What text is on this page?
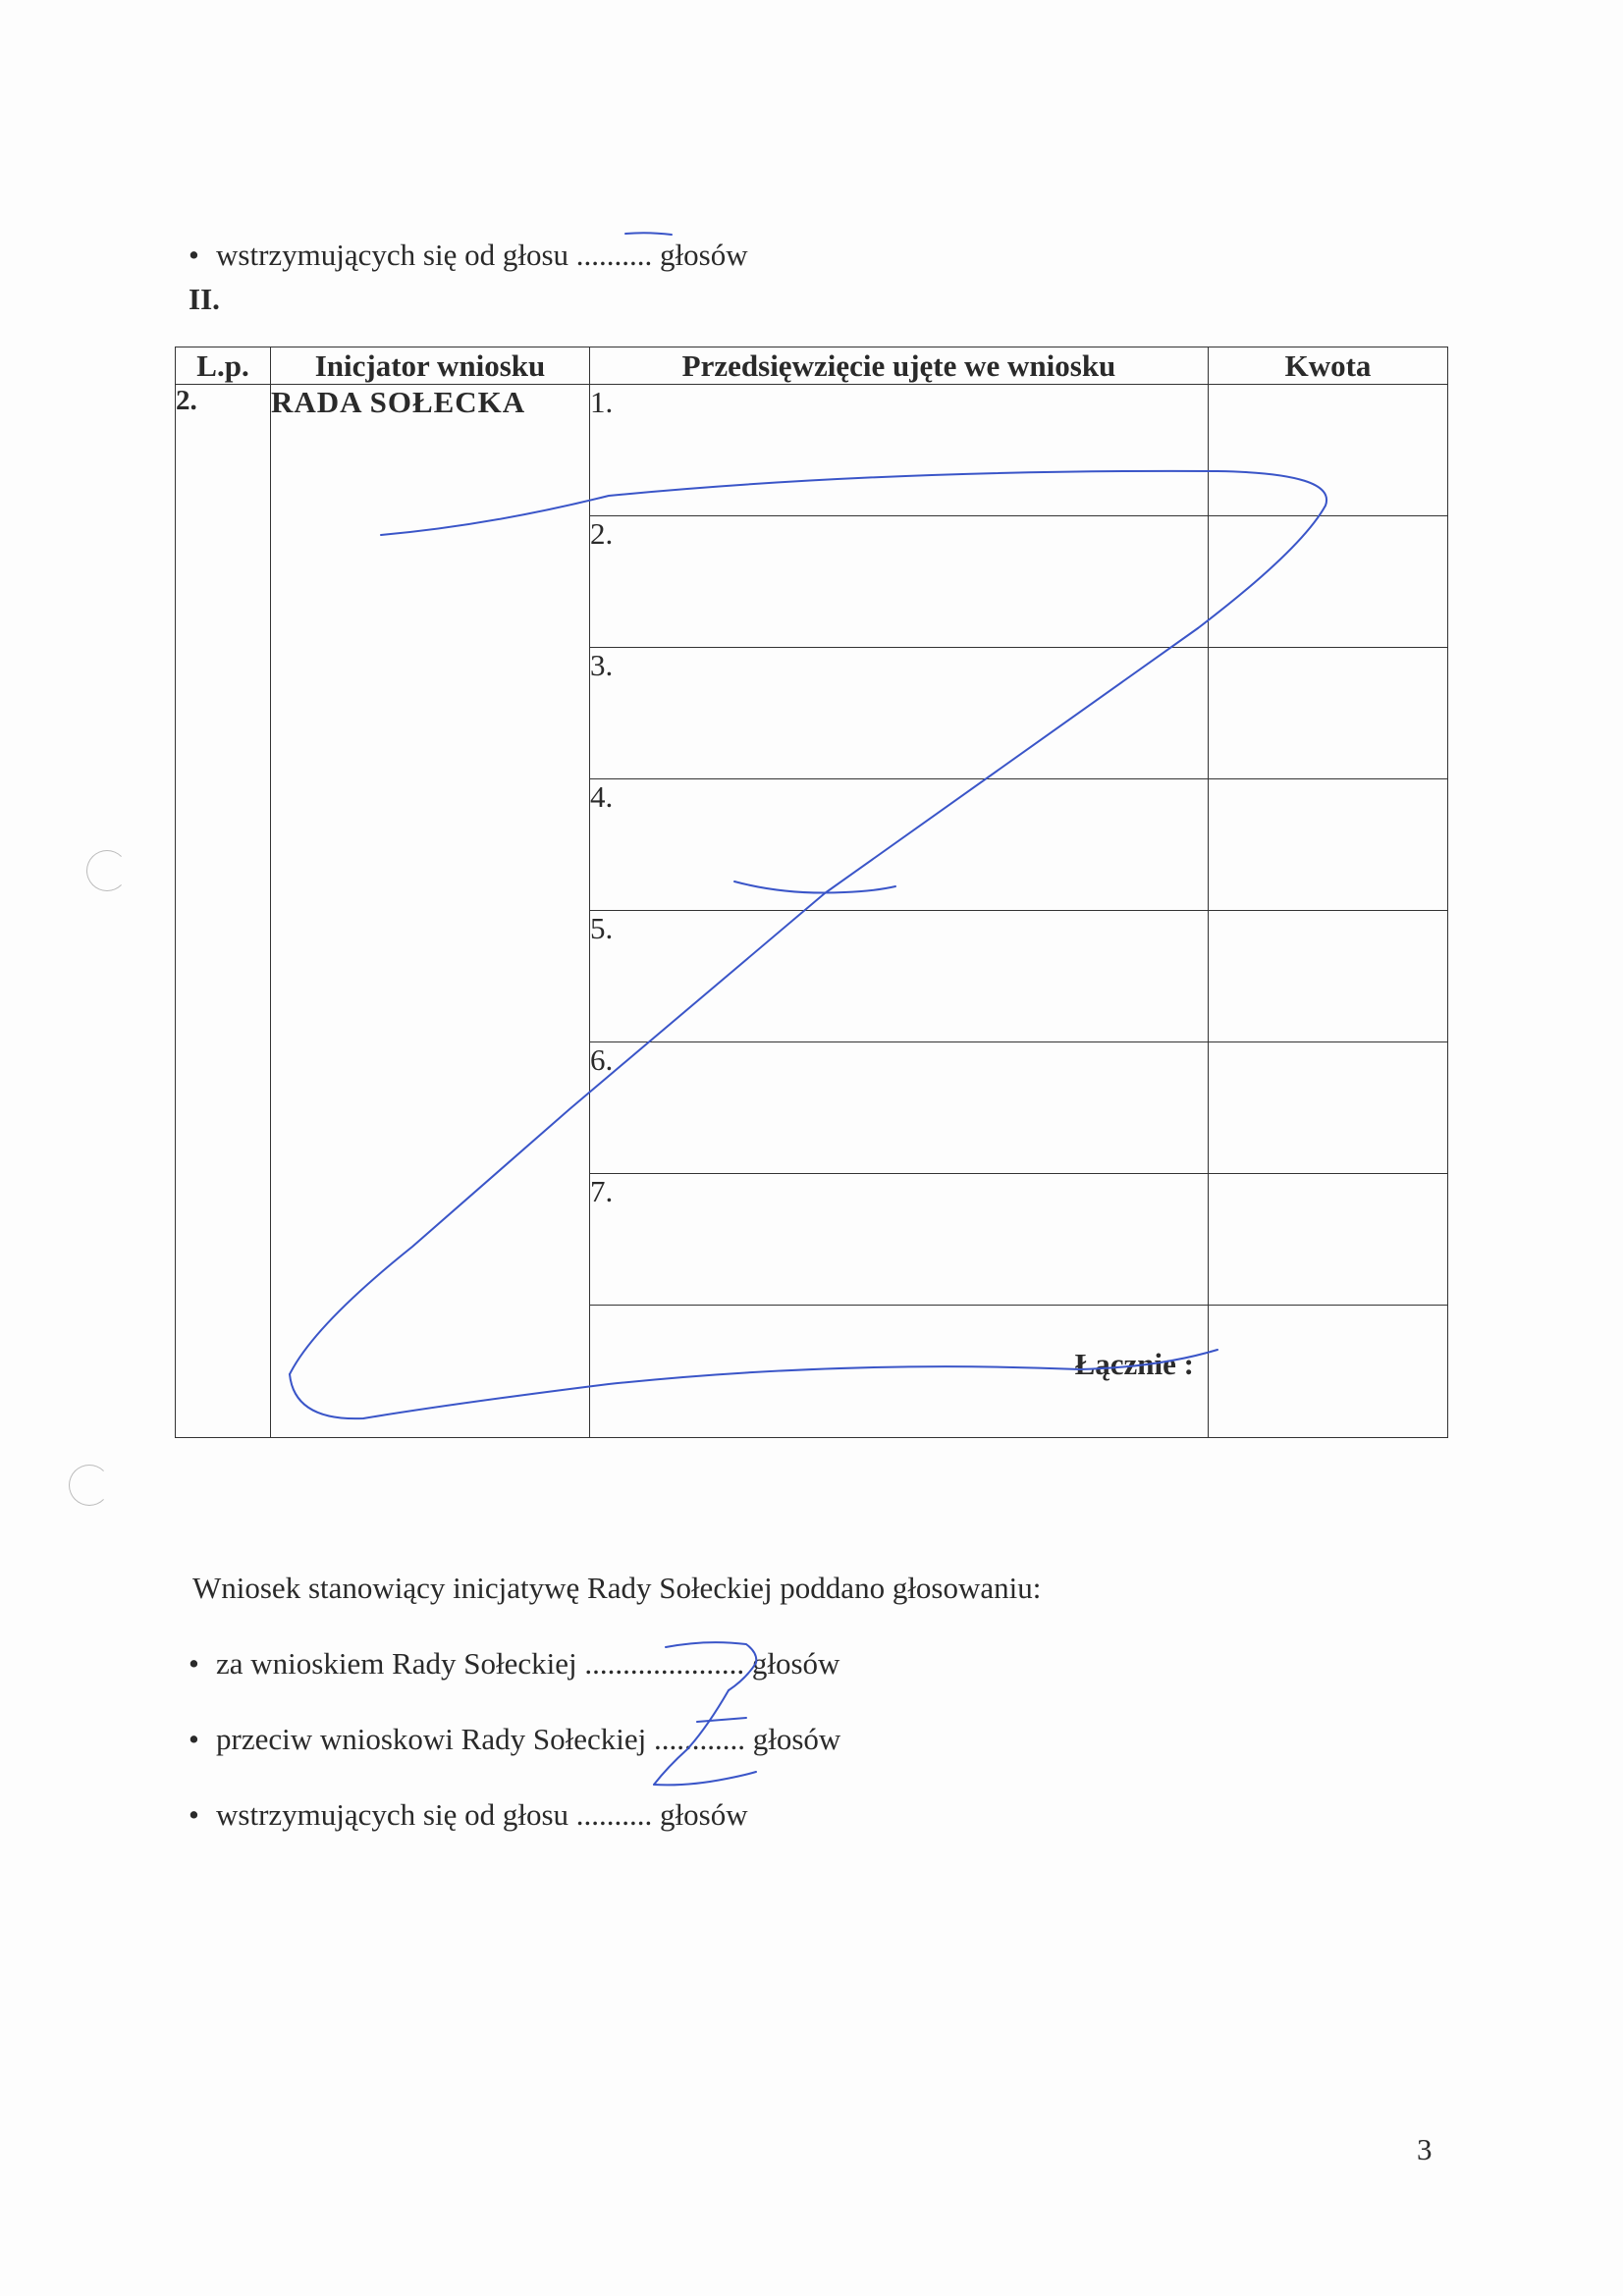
• wstrzymujących się od głosu .......... głosów
II.
L.p.	Inicjator wniosku	Przedsięwzięcie ujęte we wniosku	Kwota
2.	RADA SOŁECKA	1.	
		2.	
		3.	
		4.	
		5.	
		6.	
		7.	
		Łącznie :	
Wniosek stanowiący inicjatywę Rady Sołeckiej poddano głosowaniu:
• za wnioskiem Rady Sołeckiej ..................... głosów
• przeciw wnioskowi Rady Sołeckiej ............ głosów
• wstrzymujących się od głosu .......... głosów
3
